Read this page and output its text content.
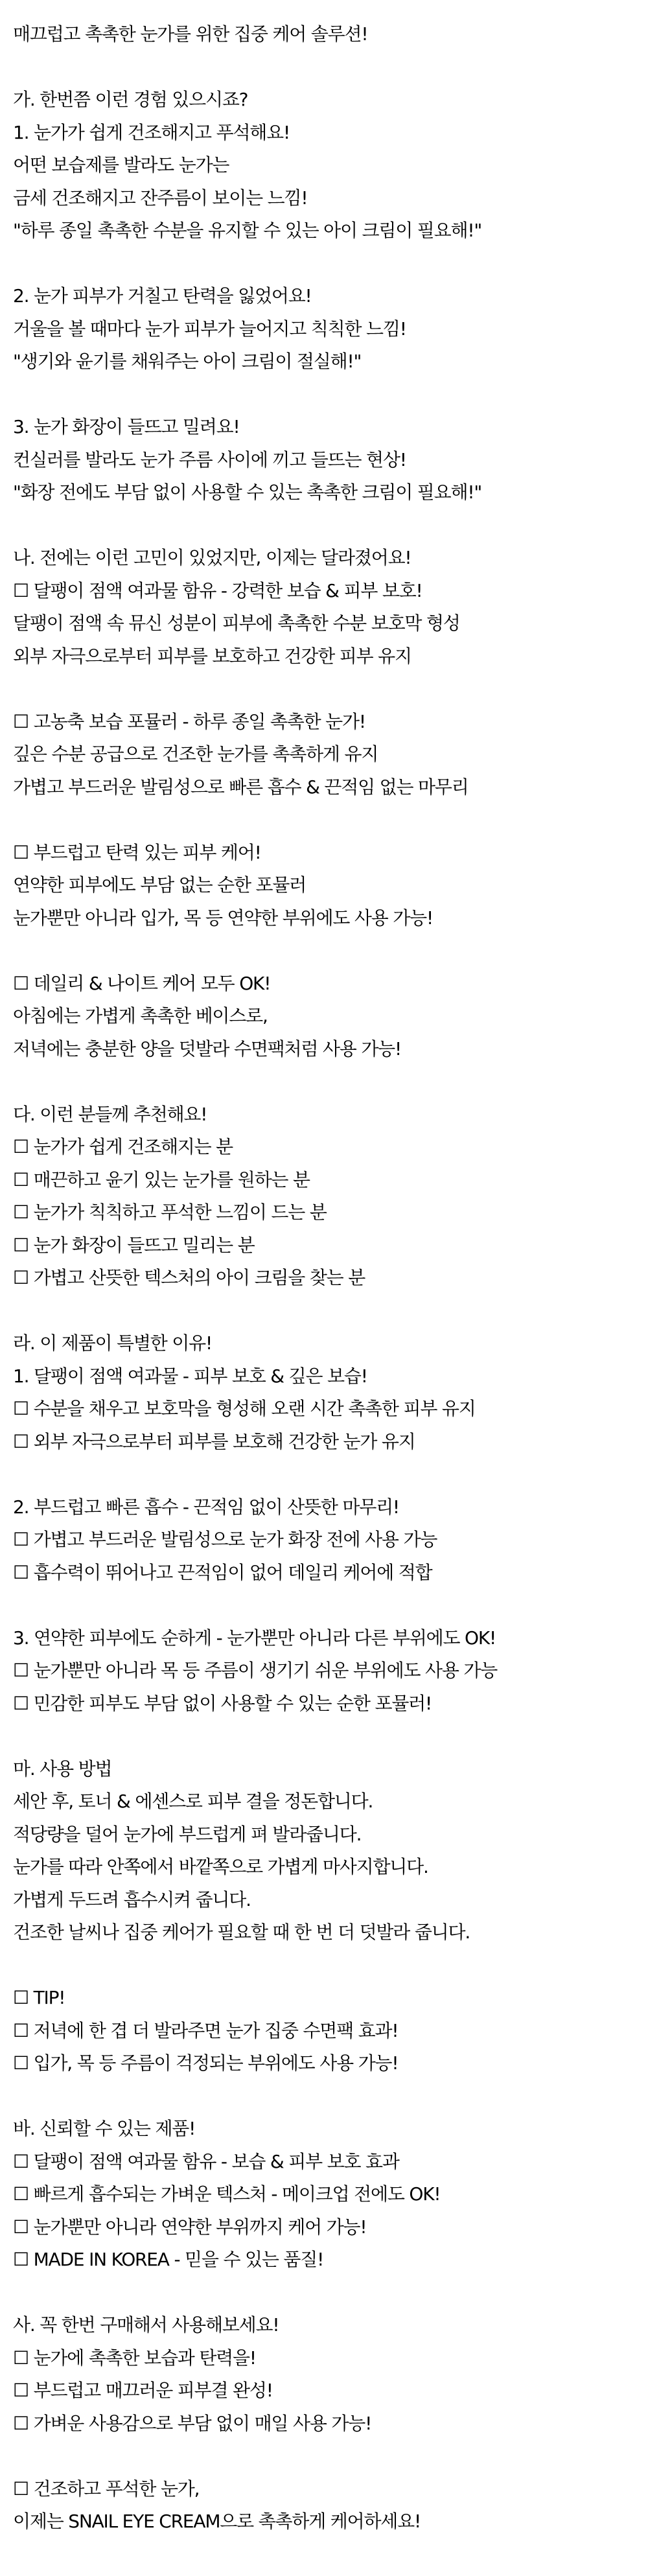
매끄럽고 촉촉한 눈가를 위한 집중 케어 솔루션!
가. 한번쯤 이런 경험 있으시죠?
1. 눈가가 쉽게 건조해지고 푸석해요!
어떤 보습제를 발라도 눈가는
금세 건조해지고 잔주름이 보이는 느낌!
"하루 종일 촉촉한 수분을 유지할 수 있는 아이 크림이 필요해!"
2. 눈가 피부가 거칠고 탄력을 잃었어요!
거울을 볼 때마다 눈가 피부가 늘어지고 칙칙한 느낌!
"생기와 윤기를 채워주는 아이 크림이 절실해!"
3. 눈가 화장이 들뜨고 밀려요!
컨실러를 발라도 눈가 주름 사이에 끼고 들뜨는 현상!
"화장 전에도 부담 없이 사용할 수 있는 촉촉한 크림이 필요해!"
나. 전에는 이런 고민이 있었지만, 이제는 달라졌어요!
☐ 달팽이 점액 여과물 함유 - 강력한 보습 & 피부 보호!
달팽이 점액 속 뮤신 성분이 피부에 촉촉한 수분 보호막 형성
외부 자극으로부터 피부를 보호하고 건강한 피부 유지
☐ 고농축 보습 포뮬러 - 하루 종일 촉촉한 눈가!
깊은 수분 공급으로 건조한 눈가를 촉촉하게 유지
가볍고 부드러운 발림성으로 빠른 흡수 & 끈적임 없는 마무리
☐ 부드럽고 탄력 있는 피부 케어!
연약한 피부에도 부담 없는 순한 포뮬러
눈가뿐만 아니라 입가, 목 등 연약한 부위에도 사용 가능!
☐ 데일리 & 나이트 케어 모두 OK!
아침에는 가볍게 촉촉한 베이스로,
저녁에는 충분한 양을 덧발라 수면팩처럼 사용 가능!
다. 이런 분들께 추천해요!
☐ 눈가가 쉽게 건조해지는 분
☐ 매끈하고 윤기 있는 눈가를 원하는 분
☐ 눈가가 칙칙하고 푸석한 느낌이 드는 분
☐ 눈가 화장이 들뜨고 밀리는 분
☐ 가볍고 산뜻한 텍스처의 아이 크림을 찾는 분
라. 이 제품이 특별한 이유!
1. 달팽이 점액 여과물 - 피부 보호 & 깊은 보습!
☐ 수분을 채우고 보호막을 형성해 오랜 시간 촉촉한 피부 유지
☐ 외부 자극으로부터 피부를 보호해 건강한 눈가 유지
2. 부드럽고 빠른 흡수 - 끈적임 없이 산뜻한 마무리!
☐ 가볍고 부드러운 발림성으로 눈가 화장 전에 사용 가능
☐ 흡수력이 뛰어나고 끈적임이 없어 데일리 케어에 적합
3. 연약한 피부에도 순하게 - 눈가뿐만 아니라 다른 부위에도 OK!
☐ 눈가뿐만 아니라 목 등 주름이 생기기 쉬운 부위에도 사용 가능
☐ 민감한 피부도 부담 없이 사용할 수 있는 순한 포뮬러!
마. 사용 방법
세안 후, 토너 & 에센스로 피부 결을 정돈합니다.
적당량을 덜어 눈가에 부드럽게 펴 발라줍니다.
눈가를 따라 안쪽에서 바깥쪽으로 가볍게 마사지합니다.
가볍게 두드려 흡수시켜 줍니다.
건조한 날씨나 집중 케어가 필요할 때 한 번 더 덧발라 줍니다.
☐ TIP!
☐ 저녁에 한 겹 더 발라주면 눈가 집중 수면팩 효과!
☐ 입가, 목 등 주름이 걱정되는 부위에도 사용 가능!
바. 신뢰할 수 있는 제품!
☐ 달팽이 점액 여과물 함유 - 보습 & 피부 보호 효과
☐ 빠르게 흡수되는 가벼운 텍스처 - 메이크업 전에도 OK!
☐ 눈가뿐만 아니라 연약한 부위까지 케어 가능!
☐ MADE IN KOREA - 믿을 수 있는 품질!
사. 꼭 한번 구매해서 사용해보세요!
☐ 눈가에 촉촉한 보습과 탄력을!
☐ 부드럽고 매끄러운 피부결 완성!
☐ 가벼운 사용감으로 부담 없이 매일 사용 가능!
☐ 건조하고 푸석한 눈가,
이제는 SNAIL EYE CREAM으로 촉촉하게 케어하세요!
